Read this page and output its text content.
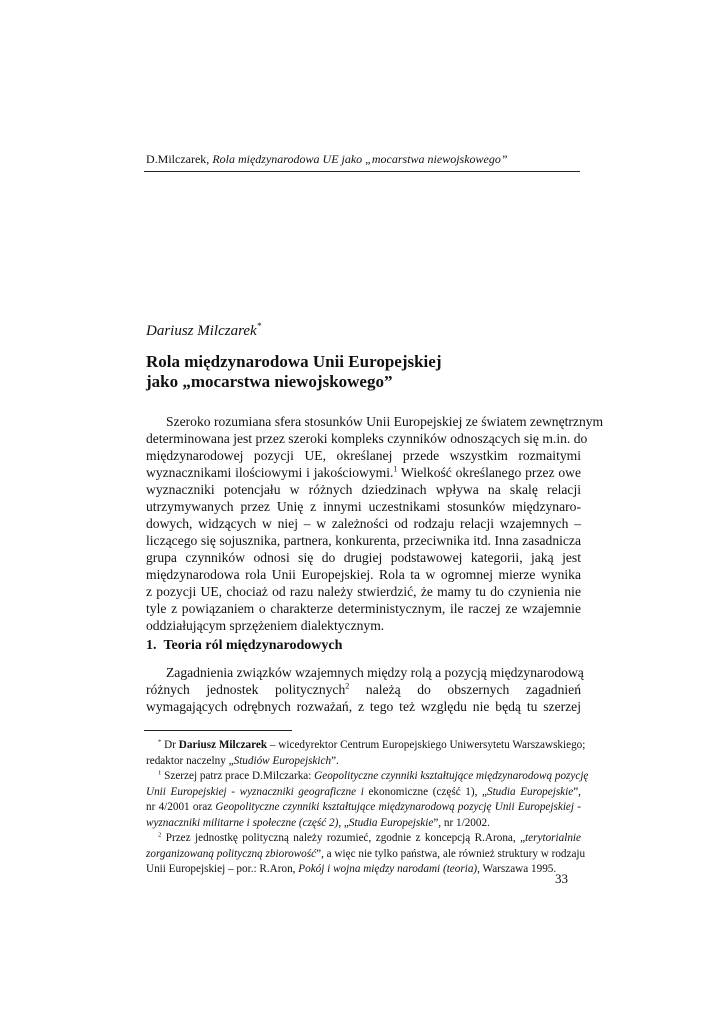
D.Milczarek, Rola międzynarodowa UE jako „mocarstwa niewojskowego”
Dariusz Milczarek*
Rola międzynarodowa Unii Europejskiej
jako „mocarstwa niewojskowego”
Szeroko rozumiana sfera stosunków Unii Europejskiej ze światem zewnętrznym
determinowana jest przez szeroki kompleks czynników odnoszących się m.in. do
międzynarodowej pozycji UE, określanej przede wszystkim rozmaitymi
wyznacznikami ilościowymi i jakościowymi.$^1$ Wielkość określanego przez owe
wyznaczniki potencjału w różnych dziedzinach wpływa na skalę relacji
utrzymywanych przez Unię z innymi uczestnikami stosunków międzynaro-
dowych, widzących w niej – w zależności od rodzaju relacji wzajemnych –
liczącego się sojusznika, partnera, konkurenta, przeciwnika itd. Inna zasadnicza
grupa czynników odnosi się do drugiej podstawowej kategorii, jaką jest
międzynarodowa rola Unii Europejskiej. Rola ta w ogromnej mierze wynika
z pozycji UE, chociaż od razu należy stwierdzić, że mamy tu do czynienia nie
tyle z powiązaniem o charakterze deterministycznym, ile raczej ze wzajemnie
oddziałującym sprzężeniem dialektycznym.
1. Teoria ról międzynarodowych
Zagadnienia związków wzajemnych między rolą a pozycją międzynarodową
różnych jednostek politycznych$^2$ należą do obszernych zagadnień
wymagających odrębnych rozważań, z tego też względu nie będą tu szerzej
* Dr Dariusz Milczarek – wicedyrektor Centrum Europejskiego Uniwersytetu Warszawskiego;
redaktor naczelny „Studiów Europejskich”.
$^1$ Szerzej patrz prace D.Milczarka: Geopolityczne czynniki kształtujące międzynarodową pozycję
Unii Europejskiej - wyznaczniki geograficzne i ekonomiczne (część 1), „Studia Europejskie”,
nr 4/2001 oraz Geopolityczne czynniki kształtujące międzynarodową pozycję Unii Europejskiej -
wyznaczniki militarne i społeczne (część 2), „Studia Europejskie”, nr 1/2002.
$^2$ Przez jednostkę polityczną należy rozumieć, zgodnie z koncepcją R.Arona, „terytorialnie
zorganizowaną polityczną zbiorowość”, a więc nie tylko państwa, ale również struktury w rodzaju
Unii Europejskiej – por.: R.Aron, Pokój i wojna między narodami (teoria), Warszawa 1995.
33
